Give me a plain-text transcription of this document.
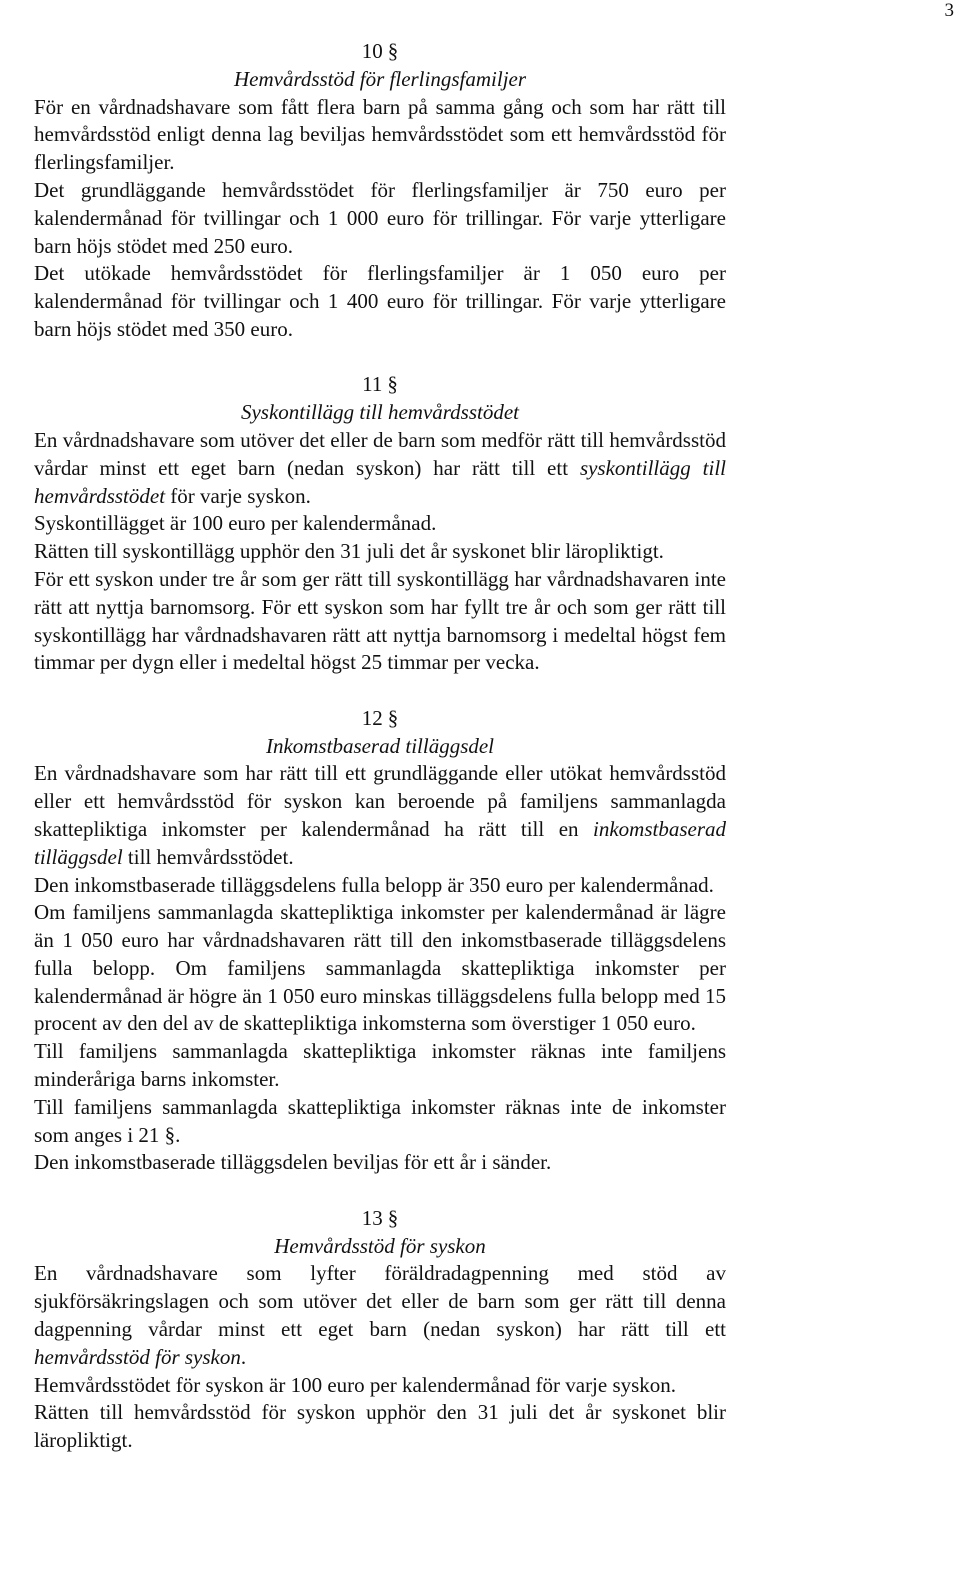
3
10 §
Hemvårdsstöd för flerlingsfamiljer

För en vårdnadshavare som fått flera barn på samma gång och som har rätt till hemvårdsstöd enligt denna lag beviljas hemvårdsstödet som ett hemvårdsstöd för flerlingsfamiljer.

Det grundläggande hemvårdsstödet för flerlingsfamiljer är 750 euro per kalendermånad för tvillingar och 1 000 euro för trillingar. För varje ytterligare barn höjs stödet med 250 euro.

Det utökade hemvårdsstödet för flerlingsfamiljer är 1 050 euro per kalendermånad för tvillingar och 1 400 euro för trillingar. För varje ytterligare barn höjs stödet med 350 euro.

11 §
Syskontillägg till hemvårdsstödet

En vårdnadshavare som utöver det eller de barn som medför rätt till hemvårdsstöd vårdar minst ett eget barn (nedan syskon) har rätt till ett syskontillägg till hemvårdsstödet för varje syskon.

Syskontillägget är 100 euro per kalendermånad.

Rätten till syskontillägg upphör den 31 juli det år syskonet blir läropliktigt.

För ett syskon under tre år som ger rätt till syskontillägg har vårdnadshavaren inte rätt att nyttja barnomsorg. För ett syskon som har fyllt tre år och som ger rätt till syskontillägg har vårdnadshavaren rätt att nyttja barnomsorg i medeltal högst fem timmar per dygn eller i medeltal högst 25 timmar per vecka.

12 §
Inkomstbaserad tilläggsdel

En vårdnadshavare som har rätt till ett grundläggande eller utökat hemvårdsstöd eller ett hemvårdsstöd för syskon kan beroende på familjens sammanlagda skattepliktiga inkomster per kalendermånad ha rätt till en inkomstbaserad tilläggsdel till hemvårdsstödet.

Den inkomstbaserade tilläggsdelens fulla belopp är 350 euro per kalendermånad.

Om familjens sammanlagda skattepliktiga inkomster per kalendermånad är lägre än 1 050 euro har vårdnadshavaren rätt till den inkomstbaserade tilläggsdelens fulla belopp. Om familjens sammanlagda skattepliktiga inkomster per kalendermånad är högre än 1 050 euro minskas tilläggsdelens fulla belopp med 15 procent av den del av de skattepliktiga inkomsterna som överstiger 1 050 euro.

Till familjens sammanlagda skattepliktiga inkomster räknas inte familjens minderåriga barns inkomster.

Till familjens sammanlagda skattepliktiga inkomster räknas inte de inkomster som anges i 21 §.

Den inkomstbaserade tilläggsdelen beviljas för ett år i sänder.

13 §
Hemvårdsstöd för syskon

En vårdnadshavare som lyfter föräldradagpenning med stöd av sjukförsäkringslagen och som utöver det eller de barn som ger rätt till denna dagpenning vårdar minst ett eget barn (nedan syskon) har rätt till ett hemvårdsstöd för syskon.

Hemvårdsstödet för syskon är 100 euro per kalendermånad för varje syskon.

Rätten till hemvårdsstöd för syskon upphör den 31 juli det år syskonet blir läropliktigt.
